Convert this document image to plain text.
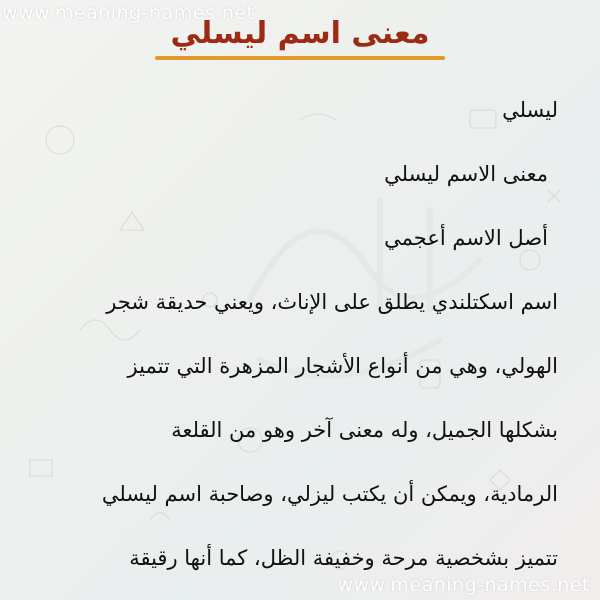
www.meaning-names.net
معنى اسم ليسلي
ليسلي
معنى الاسم ليسلي
أصل الاسم أعجمي
اسم اسكتلندي يطلق على الإناث، ويعني حديقة شجر
الهولي، وهي من أنواع الأشجار المزهرة التي تتميز
بشكلها الجميل، وله معنى آخر وهو من القلعة
الرمادية، ويمكن أن يكتب ليزلي، وصاحبة اسم ليسلي
تتميز بشخصية مرحة وخفيفة الظل، كما أنها رقيقة
www.meaning-names.net
